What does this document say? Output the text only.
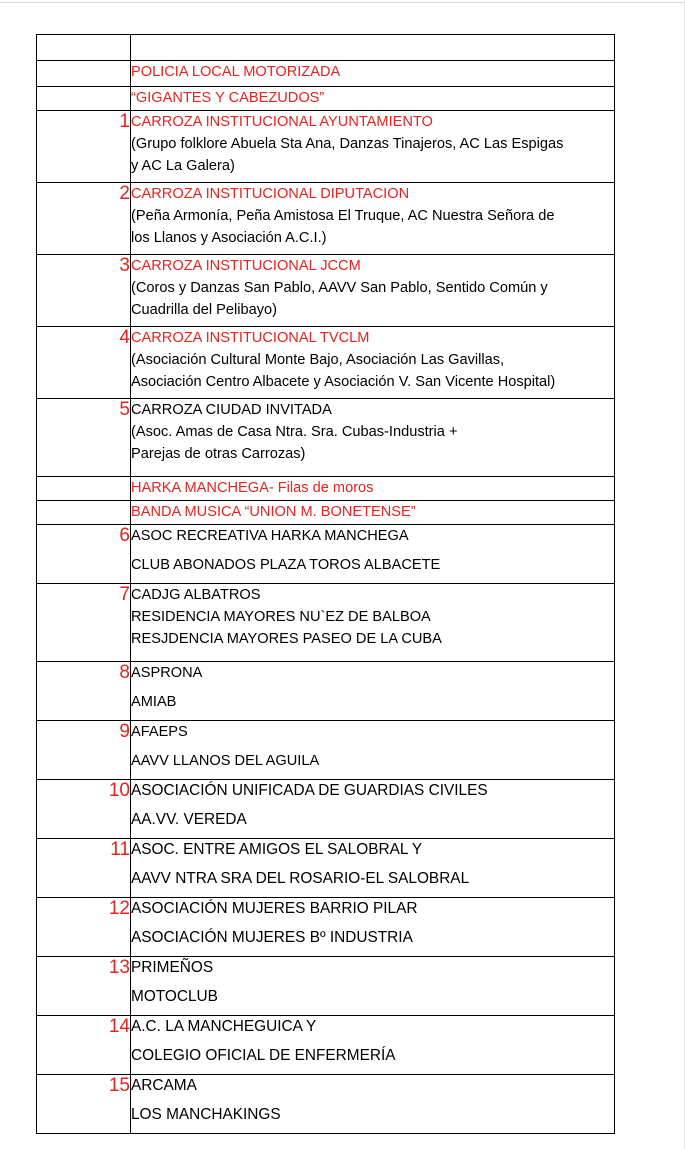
	POLICIA LOCAL MOTORIZADA

	“GIGANTES Y CABEZUDOS”

1	CARROZA INSTITUCIONAL AYUNTAMIENTO
(Grupo folklore Abuela Sta Ana, Danzas Tinajeros, AC Las Espigas
y AC La Galera)

2	CARROZA INSTITUCIONAL DIPUTACION
(Peña Armonía, Peña Amistosa El Truque, AC Nuestra Señora de
los Llanos y Asociación A.C.I.)

3	CARROZA INSTITUCIONAL JCCM
(Coros y Danzas San Pablo, AAVV San Pablo, Sentido Común y
Cuadrilla del Pelibayo)

4	CARROZA INSTITUCIONAL TVCLM
(Asociación Cultural Monte Bajo, Asociación Las Gavillas,
Asociación Centro Albacete y Asociación V. San Vicente Hospital)

5	CARROZA CIUDAD INVITADA
(Asoc. Amas de Casa Ntra. Sra. Cubas-Industria +
Parejas de otras Carrozas)

	HARKA MANCHEGA- Filas de moros

	BANDA MUSICA “UNION M. BONETENSE”

6	ASOC RECREATIVA HARKA MANCHEGA
CLUB ABONADOS PLAZA TOROS ALBACETE

7	CADJG ALBATROS
RESIDENCIA MAYORES NU`EZ DE BALBOA
RESJDENCIA MAYORES PASEO DE LA CUBA

8	ASPRONA
AMIAB

9	AFAEPS
AAVV LLANOS DEL AGUILA

10	ASOCIACIÓN UNIFICADA DE GUARDIAS CIVILES
AA.VV. VEREDA

11	ASOC. ENTRE AMIGOS EL SALOBRAL Y
AAVV NTRA SRA DEL ROSARIO-EL SALOBRAL

12	ASOCIACIÓN MUJERES BARRIO PILAR
ASOCIACIÓN MUJERES Bº INDUSTRIA

13	PRIMEÑOS
MOTOCLUB

14	A.C. LA MANCHEGUICA Y
COLEGIO OFICIAL DE ENFERMERÍA

15	ARCAMA
LOS MANCHAKINGS
